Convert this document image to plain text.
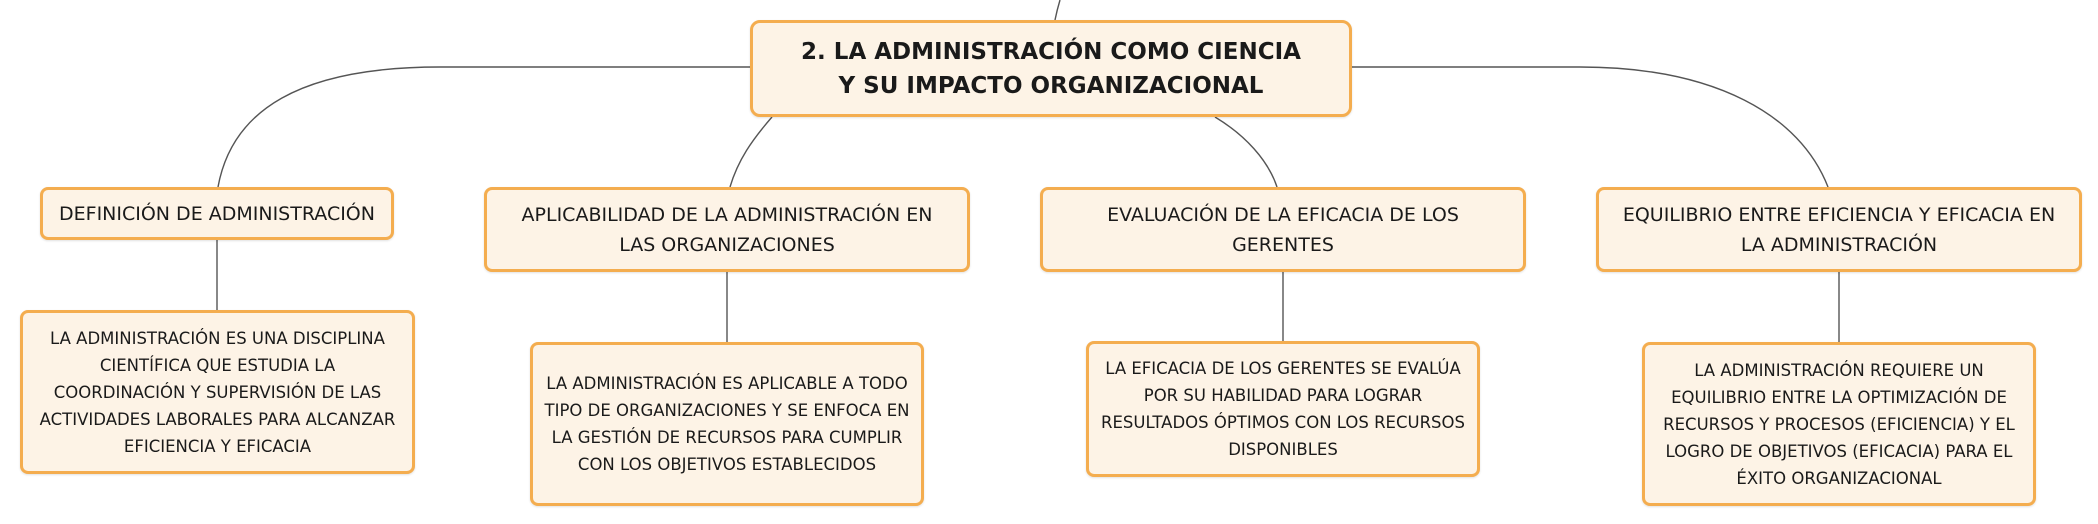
2. LA ADMINISTRACIÓN COMO CIENCIA Y SU IMPACTO ORGANIZACIONAL
DEFINICIÓN DE ADMINISTRACIÓN	APLICABILIDAD DE LA ADMINISTRACIÓN EN LAS ORGANIZACIONES
EVALUACIÓN DE LA EFICACIA DE LOS GERENTES
EQUILIBRIO ENTRE EFICIENCIA Y EFICACIA EN LA ADMINISTRACIÓN
LA ADMINISTRACIÓN ES UNA DISCIPLINA CIENTÍFICA QUE ESTUDIA LA COORDINACIÓN Y SUPERVISIÓN DE LAS ACTIVIDADES LABORALES PARA ALCANZAR EFICIENCIA Y EFICACIA
LA ADMINISTRACIÓN ES APLICABLE A TODO TIPO DE ORGANIZACIONES Y SE ENFOCA EN LA GESTIÓN DE RECURSOS PARA CUMPLIR CON LOS OBJETIVOS ESTABLECIDOS
LA EFICACIA DE LOS GERENTES SE EVALÚA POR SU HABILIDAD PARA LOGRAR RESULTADOS ÓPTIMOS CON LOS RECURSOS DISPONIBLES
LA ADMINISTRACIÓN REQUIERE UN EQUILIBRIO ENTRE LA OPTIMIZACIÓN DE RECURSOS Y PROCESOS (EFICIENCIA) Y EL LOGRO DE OBJETIVOS (EFICACIA) PARA EL ÉXITO ORGANIZACIONAL
